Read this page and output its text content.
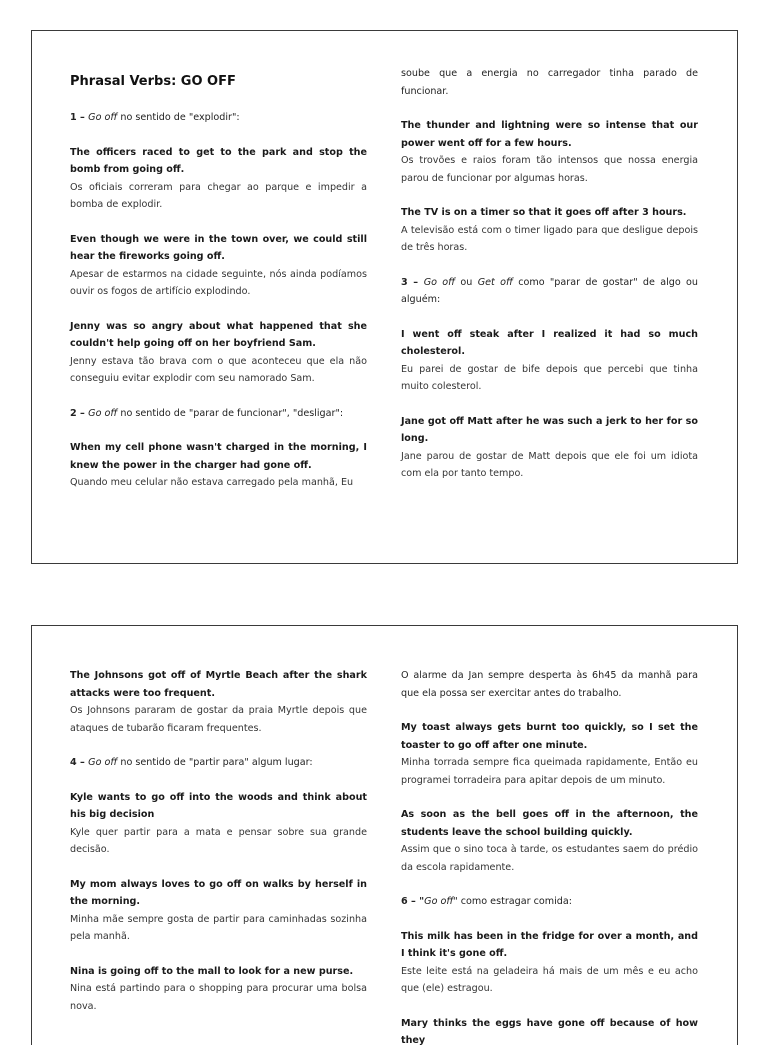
Phrasal Verbs: GO OFF

1 – Go off no sentido de "explodir":

The officers raced to get to the park and stop the bomb from going off.
Os oficiais correram para chegar ao parque e impedir a bomba de explodir.

Even though we were in the town over, we could still hear the fireworks going off.
Apesar de estarmos na cidade seguinte, nós ainda podíamos ouvir os fogos de artifício explodindo.

Jenny was so angry about what happened that she couldn't help going off on her boyfriend Sam.
Jenny estava tão brava com o que aconteceu que ela não conseguiu evitar explodir com seu namorado Sam.

2 – Go off no sentido de "parar de funcionar", "desligar":

When my cell phone wasn't charged in the morning, I knew the power in the charger had gone off.
Quando meu celular não estava carregado pela manhã, Eu

soube que a energia no carregador tinha parado de funcionar.

The thunder and lightning were so intense that our power went off for a few hours.
Os trovões e raios foram tão intensos que nossa energia parou de funcionar por algumas horas.

The TV is on a timer so that it goes off after 3 hours.
A televisão está com o timer ligado para que desligue depois de três horas.

3 – Go off ou Get off como "parar de gostar" de algo ou alguém:

I went off steak after I realized it had so much cholesterol.
Eu parei de gostar de bife depois que percebi que tinha muito colesterol.

Jane got off Matt after he was such a jerk to her for so long.
Jane parou de gostar de Matt depois que ele foi um idiota com ela por tanto tempo.

The Johnsons got off of Myrtle Beach after the shark attacks were too frequent.
Os Johnsons pararam de gostar da praia Myrtle depois que ataques de tubarão ficaram frequentes.

4 – Go off no sentido de "partir para" algum lugar:

Kyle wants to go off into the woods and think about his big decision
Kyle quer partir para a mata e pensar sobre sua grande decisão.

My mom always loves to go off on walks by herself in the morning.
Minha mãe sempre gosta de partir para caminhadas sozinha pela manhã.

Nina is going off to the mall to look for a new purse.
Nina está partindo para o shopping para procurar uma bolsa nova.

O alarme da Jan sempre desperta às 6h45 da manhã para que ela possa ser exercitar antes do trabalho.

My toast always gets burnt too quickly, so I set the toaster to go off after one minute.
Minha torrada sempre fica queimada rapidamente, Então eu programei torradeira para apitar depois de um minuto.

As soon as the bell goes off in the afternoon, the students leave the school building quickly.
Assim que o sino toca à tarde, os estudantes saem do prédio da escola rapidamente.

6 – "Go off" como estragar comida:

This milk has been in the fridge for over a month, and I think it's gone off.
Este leite está na geladeira há mais de um mês e eu acho que (ele) estragou.

Mary thinks the eggs have gone off because of how they
